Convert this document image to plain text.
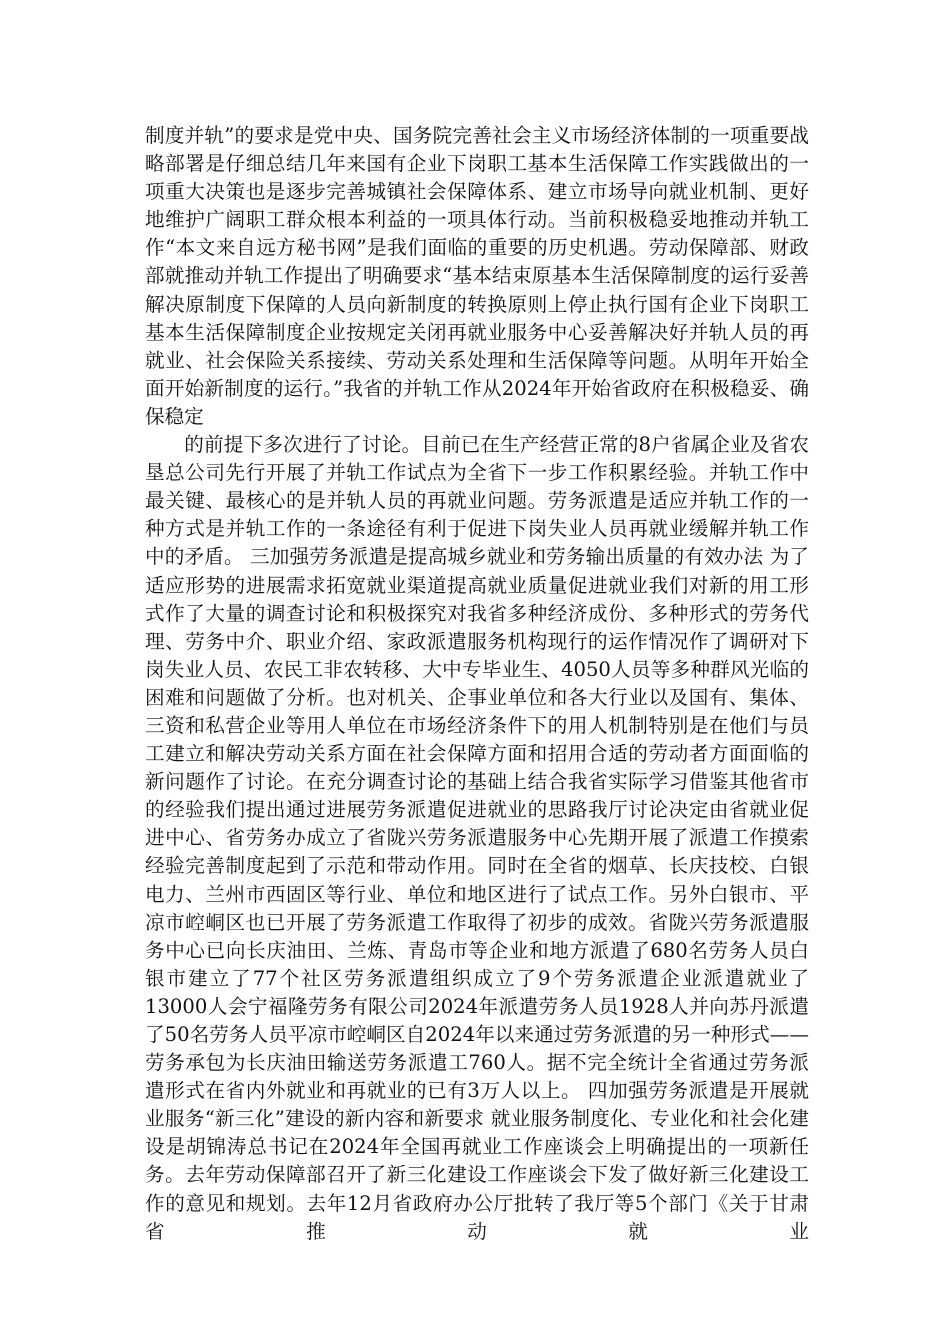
制度并轨”的要求是党中央、国务院完善社会主义市场经济体制的一项重要战略部署是仔细总结几年来国有企业下岗职工基本生活保障工作实践做出的一项重大决策也是逐步完善城镇社会保障体系、建立市场导向就业机制、更好地维护广阔职工群众根本利益的一项具体行动。当前积极稳妥地推动并轨工作“本文来自远方秘书网”是我们面临的重要的历史机遇。劳动保障部、财政部就推动并轨工作提出了明确要求“基本结束原基本生活保障制度的运行妥善解决原制度下保障的人员向新制度的转换原则上停止执行国有企业下岗职工基本生活保障制度企业按规定关闭再就业服务中心妥善解决好并轨人员的再就业、社会保险关系接续、劳动关系处理和生活保障等问题。从明年开始全面开始新制度的运行。”我省的并轨工作从2024年开始省政府在积极稳妥、确保稳定

的前提下多次进行了讨论。目前已在生产经营正常的8户省属企业及省农垦总公司先行开展了并轨工作试点为全省下一步工作积累经验。并轨工作中最关键、最核心的是并轨人员的再就业问题。劳务派遣是适应并轨工作的一种方式是并轨工作的一条途径有利于促进下岗失业人员再就业缓解并轨工作中的矛盾。 三加强劳务派遣是提高城乡就业和劳务输出质量的有效办法 为了适应形势的进展需求拓宽就业渠道提高就业质量促进就业我们对新的用工形式作了大量的调查讨论和积极探究对我省多种经济成份、多种形式的劳务代理、劳务中介、职业介绍、家政派遣服务机构现行的运作情况作了调研对下岗失业人员、农民工非农转移、大中专毕业生、4050人员等多种群风光临的困难和问题做了分析。也对机关、企事业单位和各大行业以及国有、集体、三资和私营企业等用人单位在市场经济条件下的用人机制特别是在他们与员工建立和解决劳动关系方面在社会保障方面和招用合适的劳动者方面面临的新问题作了讨论。在充分调查讨论的基础上结合我省实际学习借鉴其他省市的经验我们提出通过进展劳务派遣促进就业的思路我厅讨论决定由省就业促进中心、省劳务办成立了省陇兴劳务派遣服务中心先期开展了派遣工作摸索经验完善制度起到了示范和带动作用。同时在全省的烟草、长庆技校、白银电力、兰州市西固区等行业、单位和地区进行了试点工作。另外白银市、平凉市崆峒区也已开展了劳务派遣工作取得了初步的成效。省陇兴劳务派遣服务中心已向长庆油田、兰炼、青岛市等企业和地方派遣了680名劳务人员白银市建立了77个社区劳务派遣组织成立了9个劳务派遣企业派遣就业了13000人会宁福隆劳务有限公司2024年派遣劳务人员1928人并向苏丹派遣了50名劳务人员平凉市崆峒区自2024年以来通过劳务派遣的另一种形式——劳务承包为长庆油田输送劳务派遣工760人。据不完全统计全省通过劳务派遣形式在省内外就业和再就业的已有3万人以上。 四加强劳务派遣是开展就业服务“新三化”建设的新内容和新要求 就业服务制度化、专业化和社会化建设是胡锦涛总书记在2024年全国再就业工作座谈会上明确提出的一项新任务。去年劳动保障部召开了新三化建设工作座谈会下发了做好新三化建设工作的意见和规划。去年12月省政府办公厅批转了我厅等5个部门《关于甘肃省推动就业
